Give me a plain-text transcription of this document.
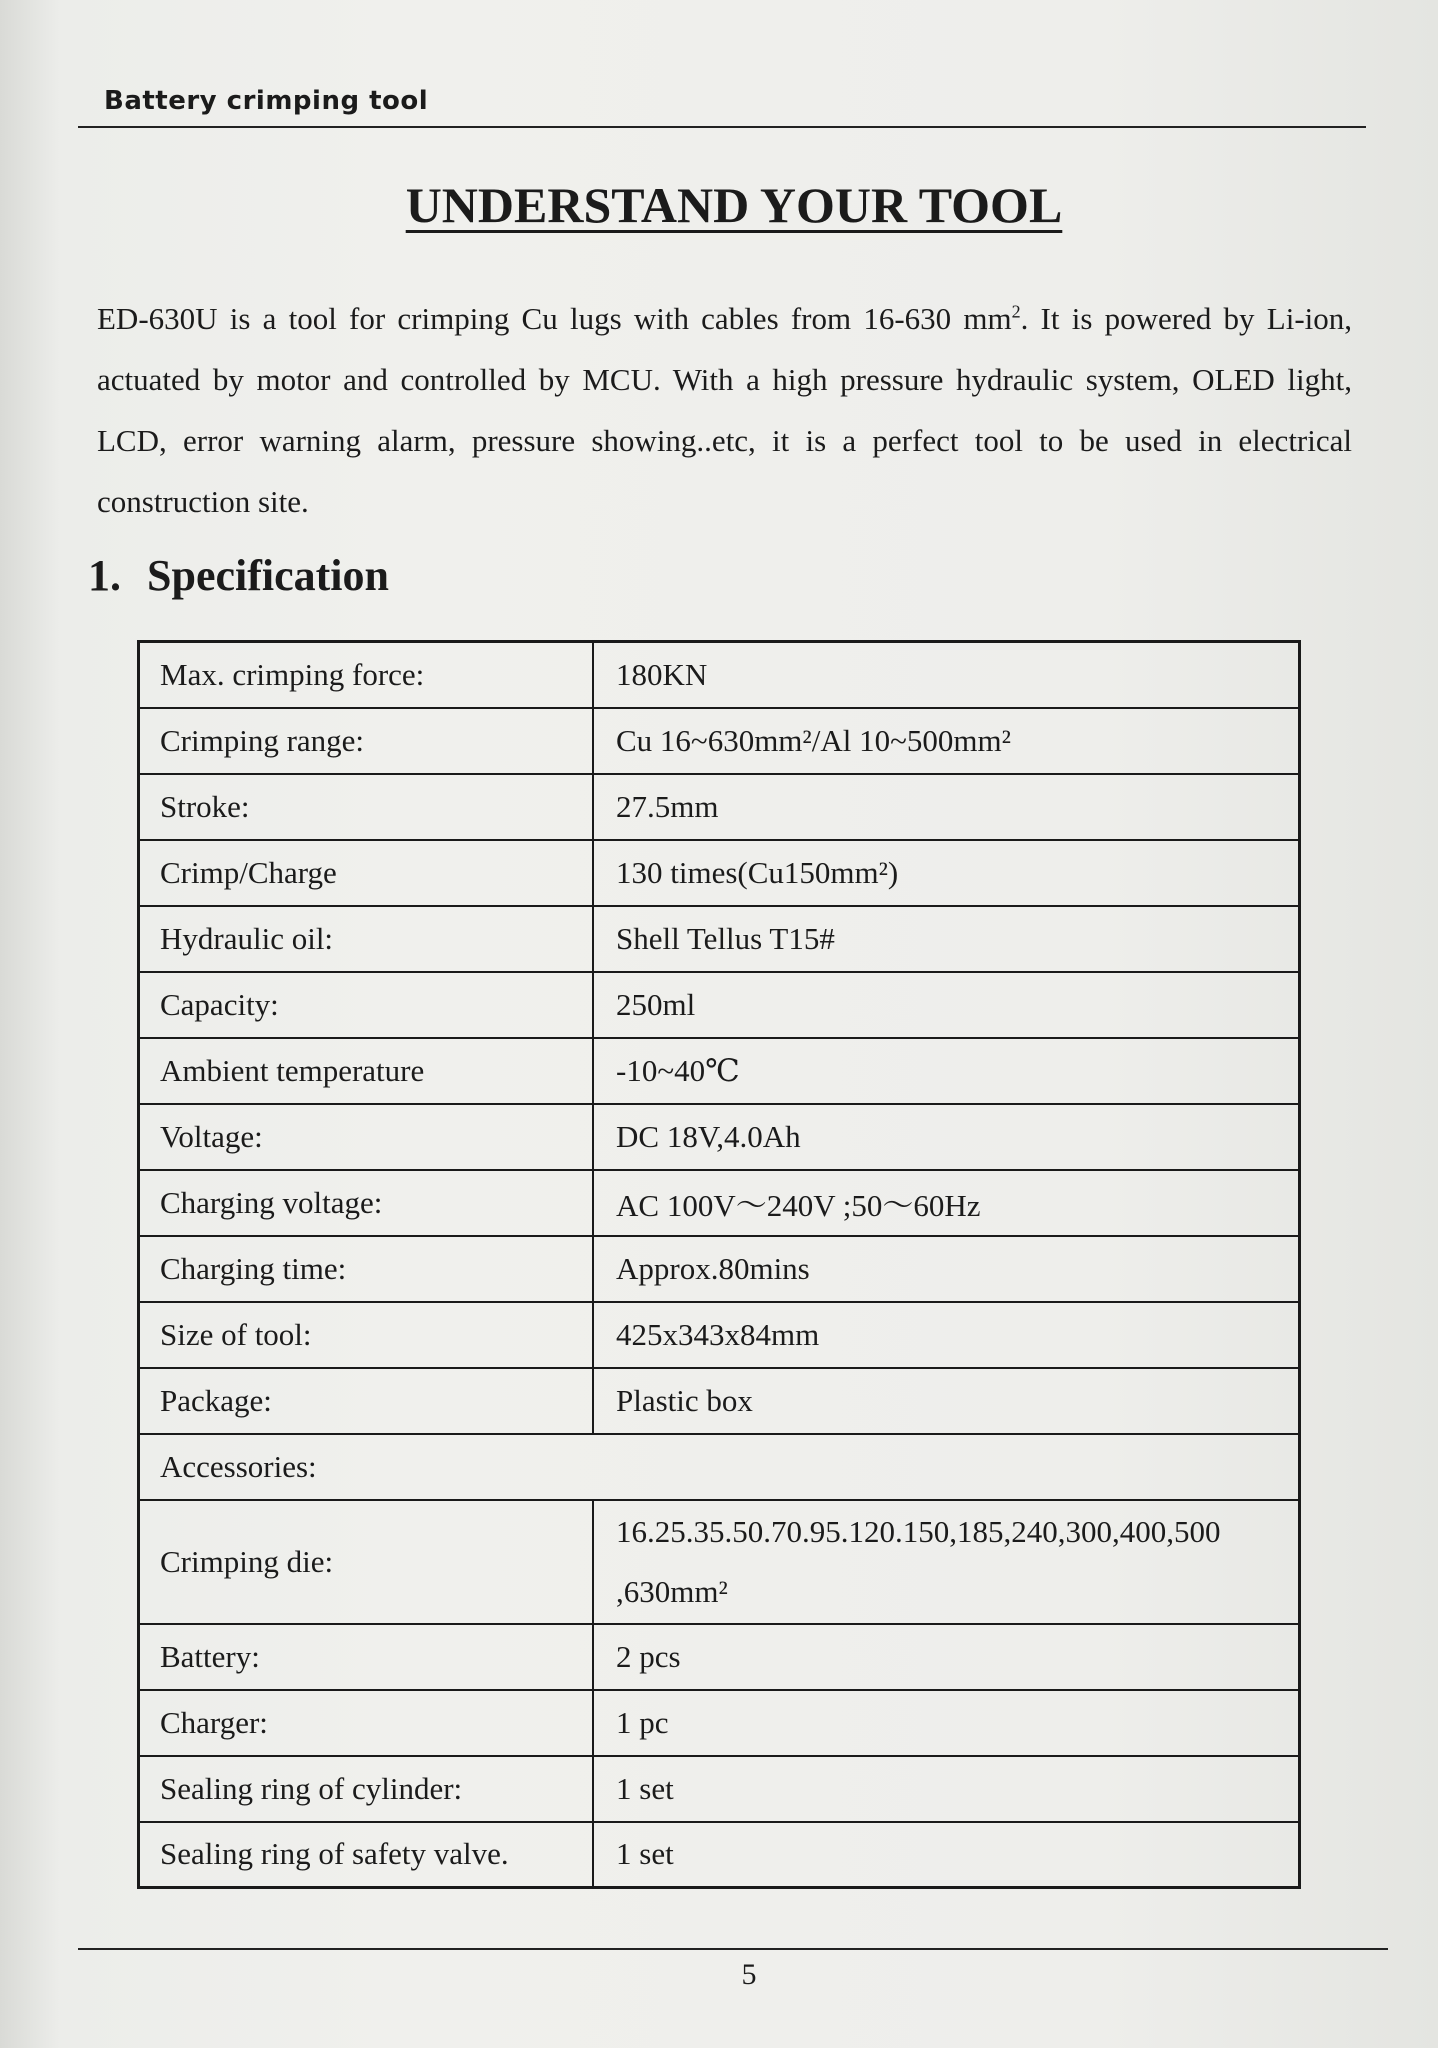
Battery crimping tool
UNDERSTAND YOUR TOOL
ED-630U is a tool for crimping Cu lugs with cables from 16-630 $mm^2$. It is powered by Li-ion, actuated by motor and controlled by MCU. With a high pressure hydraulic system, OLED light, LCD, error warning alarm, pressure showing..etc, it is a perfect tool to be used in electrical construction site.
1. Specification
Max. crimping force:	180KN
Crimping range:	Cu 16~630mm²/Al 10~500mm²
Stroke:	27.5mm
Crimp/Charge	130 times(Cu150mm²)
Hydraulic oil:	Shell Tellus T15#
Capacity:	250ml
Ambient temperature	-10~40℃
Voltage:	DC 18V,4.0Ah
Charging voltage:	AC 100V～240V ;50～60Hz
Charging time:	Approx.80mins
Size of tool:	425x343x84mm
Package:	Plastic box
Accessories:	
Crimping die:	16.25.35.50.70.95.120.150,185,240,300,400,500 ,630mm²
Battery:	2 pcs
Charger:	1 pc
Sealing ring of cylinder:	1 set
Sealing ring of safety valve.	1 set
5
